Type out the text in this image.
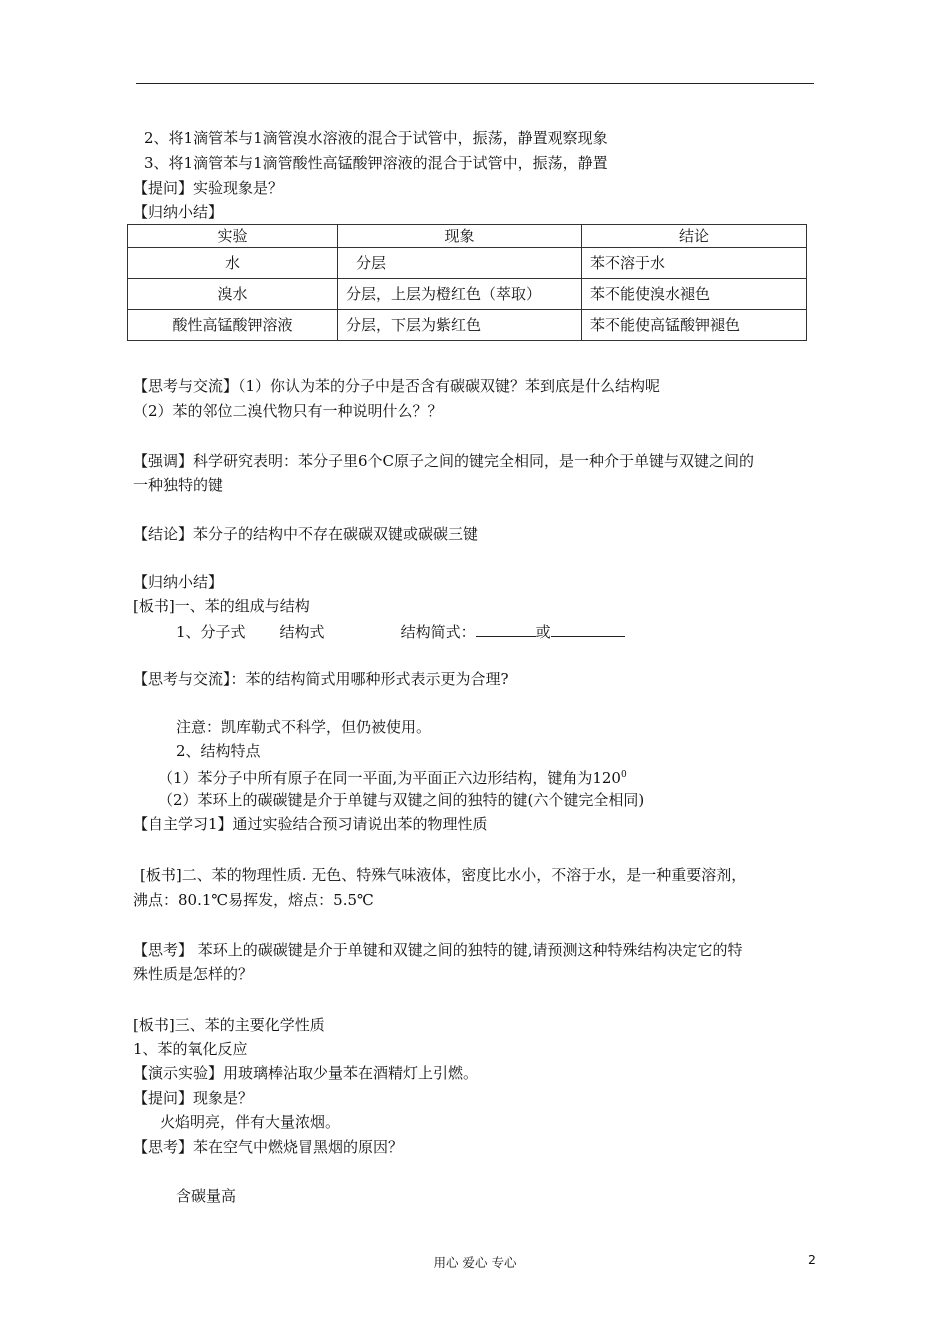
2、将1滴管苯与1滴管溴水溶液的混合于试管中，振荡，静置观察现象
3、将1滴管苯与1滴管酸性高锰酸钾溶液的混合于试管中，振荡，静置
【提问】实验现象是？
【归纳小结】
实验	现象	结论
水	分层	苯不溶于水
溴水	分层，上层为橙红色（萃取）	苯不能使溴水褪色
酸性高锰酸钾溶液	分层，下层为紫红色	苯不能使高锰酸钾褪色
【思考与交流】（1）你认为苯的分子中是否含有碳碳双键？苯到底是什么结构呢
（2）苯的邻位二溴代物只有一种说明什么？？
【强调】科学研究表明：苯分子里6个C原子之间的键完全相同，是一种介于单键与双键之间的
一种独特的键
【结论】苯分子的结构中不存在碳碳双键或碳碳三键
【归纳小结】
[板书]一、苯的组成与结构
1、分子式 结构式	结构简式：	或
【思考与交流】：苯的结构简式用哪种形式表示更为合理?
注意：凯库勒式不科学，但仍被使用。
2、结构特点
（1）苯分子中所有原子在同一平面,为平面正六边形结构，键角为$120^0$
（2）苯环上的碳碳键是介于单键与双键之间的独特的键(六个键完全相同)
【自主学习1】通过实验结合预习请说出苯的物理性质
[板书]二、苯的物理性质. 无色、特殊气味液体，密度比水小，不溶于水，是一种重要溶剂，
沸点：80.1℃易挥发，熔点：5.5℃
【思考】 苯环上的碳碳键是介于单键和双键之间的独特的键,请预测这种特殊结构决定它的特
殊性质是怎样的？
[板书]三、苯的主要化学性质
1、苯的氧化反应
【演示实验】用玻璃棒沾取少量苯在酒精灯上引燃。
【提问】现象是？
火焰明亮，伴有大量浓烟。
【思考】苯在空气中燃烧冒黑烟的原因？
含碳量高
用心 爱心 专心	2
